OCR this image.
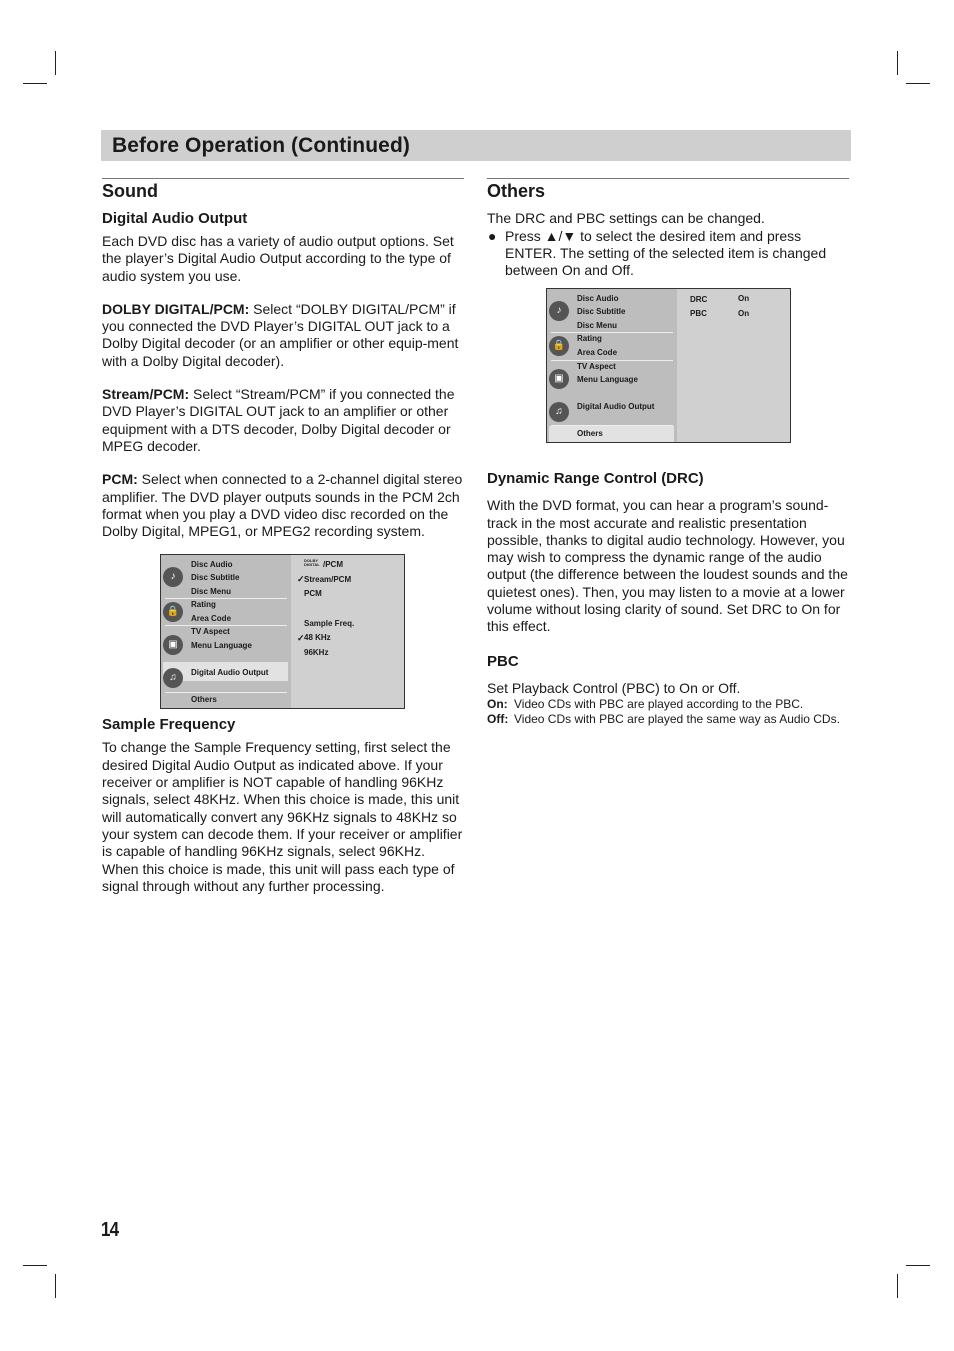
Before Operation (Continued)
Sound
Digital Audio Output
Each DVD disc has a variety of audio output options. Set the player’s Digital Audio Output according to the type of audio system you use.
DOLBY DIGITAL/PCM: Select “DOLBY DIGITAL/PCM” if you connected the DVD Player’s DIGITAL OUT jack to a Dolby Digital decoder (or an amplifier or other equip-ment with a Dolby Digital decoder).
Stream/PCM: Select “Stream/PCM” if you connected the DVD Player’s DIGITAL OUT jack to an amplifier or other equipment with a DTS decoder, Dolby Digital decoder or MPEG decoder.
PCM: Select when connected to a 2-channel digital stereo amplifier. The DVD player outputs sounds in the PCM 2ch format when you play a DVD video disc recorded on the Dolby Digital, MPEG1, or MPEG2 recording system.
♪
Disc Audio
Disc Subtitle
Disc Menu
🔒
Rating
Area Code
▣
TV Aspect
Menu Language
♫	Digital Audio Output
Others
DOLBY
DIGITAL /PCM
✓ Stream/PCM
PCM
Sample Freq.
✓ 48 KHz
96KHz
Sample Frequency
To change the Sample Frequency setting, first select the desired Digital Audio Output as indicated above. If your receiver or amplifier is NOT capable of handling 96KHz signals, select 48KHz. When this choice is made, this unit will automatically convert any 96KHz signals to 48KHz so your system can decode them. If your receiver or amplifier is capable of handling 96KHz signals, select 96KHz. When this choice is made, this unit will pass each type of signal through without any further processing.
Others
The DRC and PBC settings can be changed.
● Press ▲/▼ to select the desired item and press ENTER. The setting of the selected item is changed between On and Off.
♪
Disc Audio
Disc Subtitle
Disc Menu
🔒
Rating
Area Code
▣
TV Aspect
Menu Language
♫	Digital Audio Output
Others
DRC	On
PBC	On
Dynamic Range Control (DRC)
With the DVD format, you can hear a program’s sound-track in the most accurate and realistic presentation possible, thanks to digital audio technology. However, you may wish to compress the dynamic range of the audio output (the difference between the loudest sounds and the quietest ones). Then, you may listen to a movie at a lower volume without losing clarity of sound. Set DRC to On for this effect.
PBC
Set Playback Control (PBC) to On or Off.
On: Video CDs with PBC are played according to the PBC.
Off: Video CDs with PBC are played the same way as Audio CDs.
14
